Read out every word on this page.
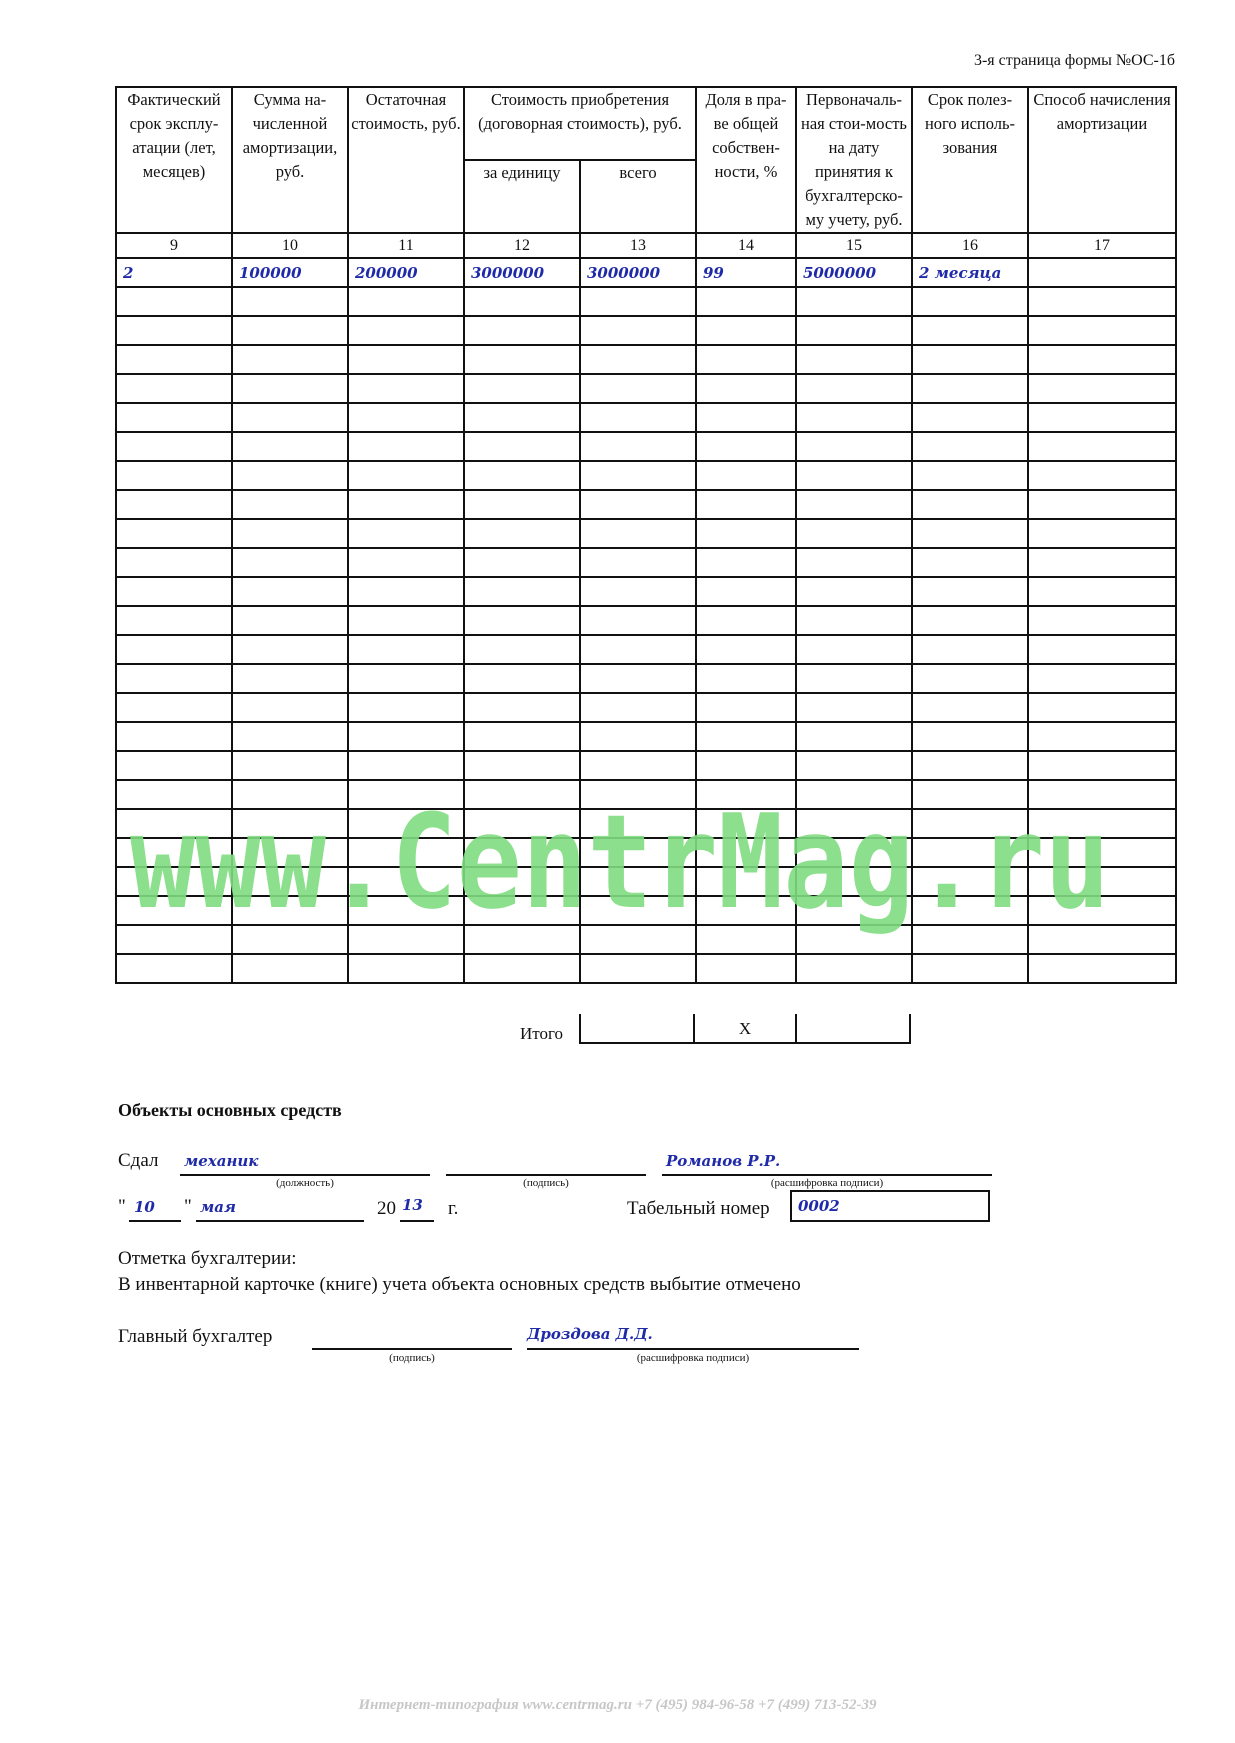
3-я страница формы №ОС-1б
Фактический срок эксплу-атации (лет, месяцев)	Сумма на-численной амортизации, руб.	Остаточная стоимость, руб.	Стоимость приобретения (договорная стоимость), руб.		Доля в пра-ве общей собствен-ности, %	Первоначаль-ная стои-мость на дату принятия к бухгалтерско-му учету, руб.	Срок полез-ного исполь-зования	Способ начисления амортизации
			за единицу	всего				
9	10	11	12	13	14	15	16	17
2	100000	200000	3000000	3000000	99	5000000	2 месяца	

Итого	Х
Объекты основных средств
Сдал механик
(должность)	(подпись)
Романов Р.Р.
(расшифровка подписи)
" 10 " мая	20 13 г.	Табельный номер 0002
Отметка бухгалтерии:
В инвентарной карточке (книге) учета объекта основных средств выбытие отмечено
Главный бухгалтер
(подпись)
Дроздова Д.Д.
(расшифровка подписи)
www.CentrMag.ru
Интернет-типография www.centrmag.ru +7 (495) 984-96-58 +7 (499) 713-52-39
